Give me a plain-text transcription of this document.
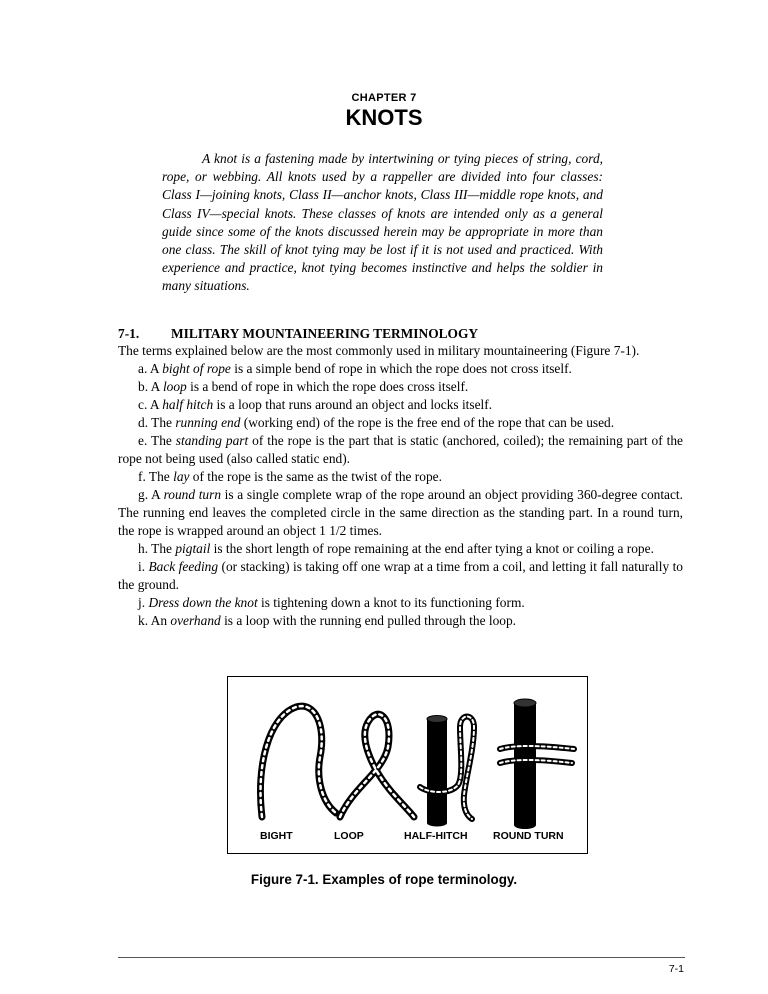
CHAPTER 7
KNOTS

A knot is a fastening made by intertwining or tying pieces of string, cord, rope, or webbing. All knots used by a rappeller are divided into four classes: Class I—joining knots, Class II—anchor knots, Class III—middle rope knots, and Class IV—special knots. These classes of knots are intended only as a general guide since some of the knots discussed herein may be appropriate in more than one class. The skill of knot tying may be lost if it is not used and practiced. With experience and practice, knot tying becomes instinctive and helps the soldier in many situations.

7-1. MILITARY MOUNTAINEERING TERMINOLOGY

The terms explained below are the most commonly used in military mountaineering (Figure 7-1).

a. A bight of rope is a simple bend of rope in which the rope does not cross itself.

b. A loop is a bend of rope in which the rope does cross itself.

c. A half hitch is a loop that runs around an object and locks itself.

d. The running end (working end) of the rope is the free end of the rope that can be used.

e. The standing part of the rope is the part that is static (anchored, coiled); the remaining part of the rope not being used (also called static end).

f. The lay of the rope is the same as the twist of the rope.

g. A round turn is a single complete wrap of the rope around an object providing 360-degree contact. The running end leaves the completed circle in the same direction as the standing part. In a round turn, the rope is wrapped around an object 1 1/2 times.

h. The pigtail is the short length of rope remaining at the end after tying a knot or coiling a rope.

i. Back feeding (or stacking) is taking off one wrap at a time from a coil, and letting it fall naturally to the ground.

j. Dress down the knot is tightening down a knot to its functioning form.

k. An overhand is a loop with the running end pulled through the loop.

BIGHT	LOOP	HALF-HITCH ROUND TURN
Figure 7-1. Examples of rope terminology.
7-1
